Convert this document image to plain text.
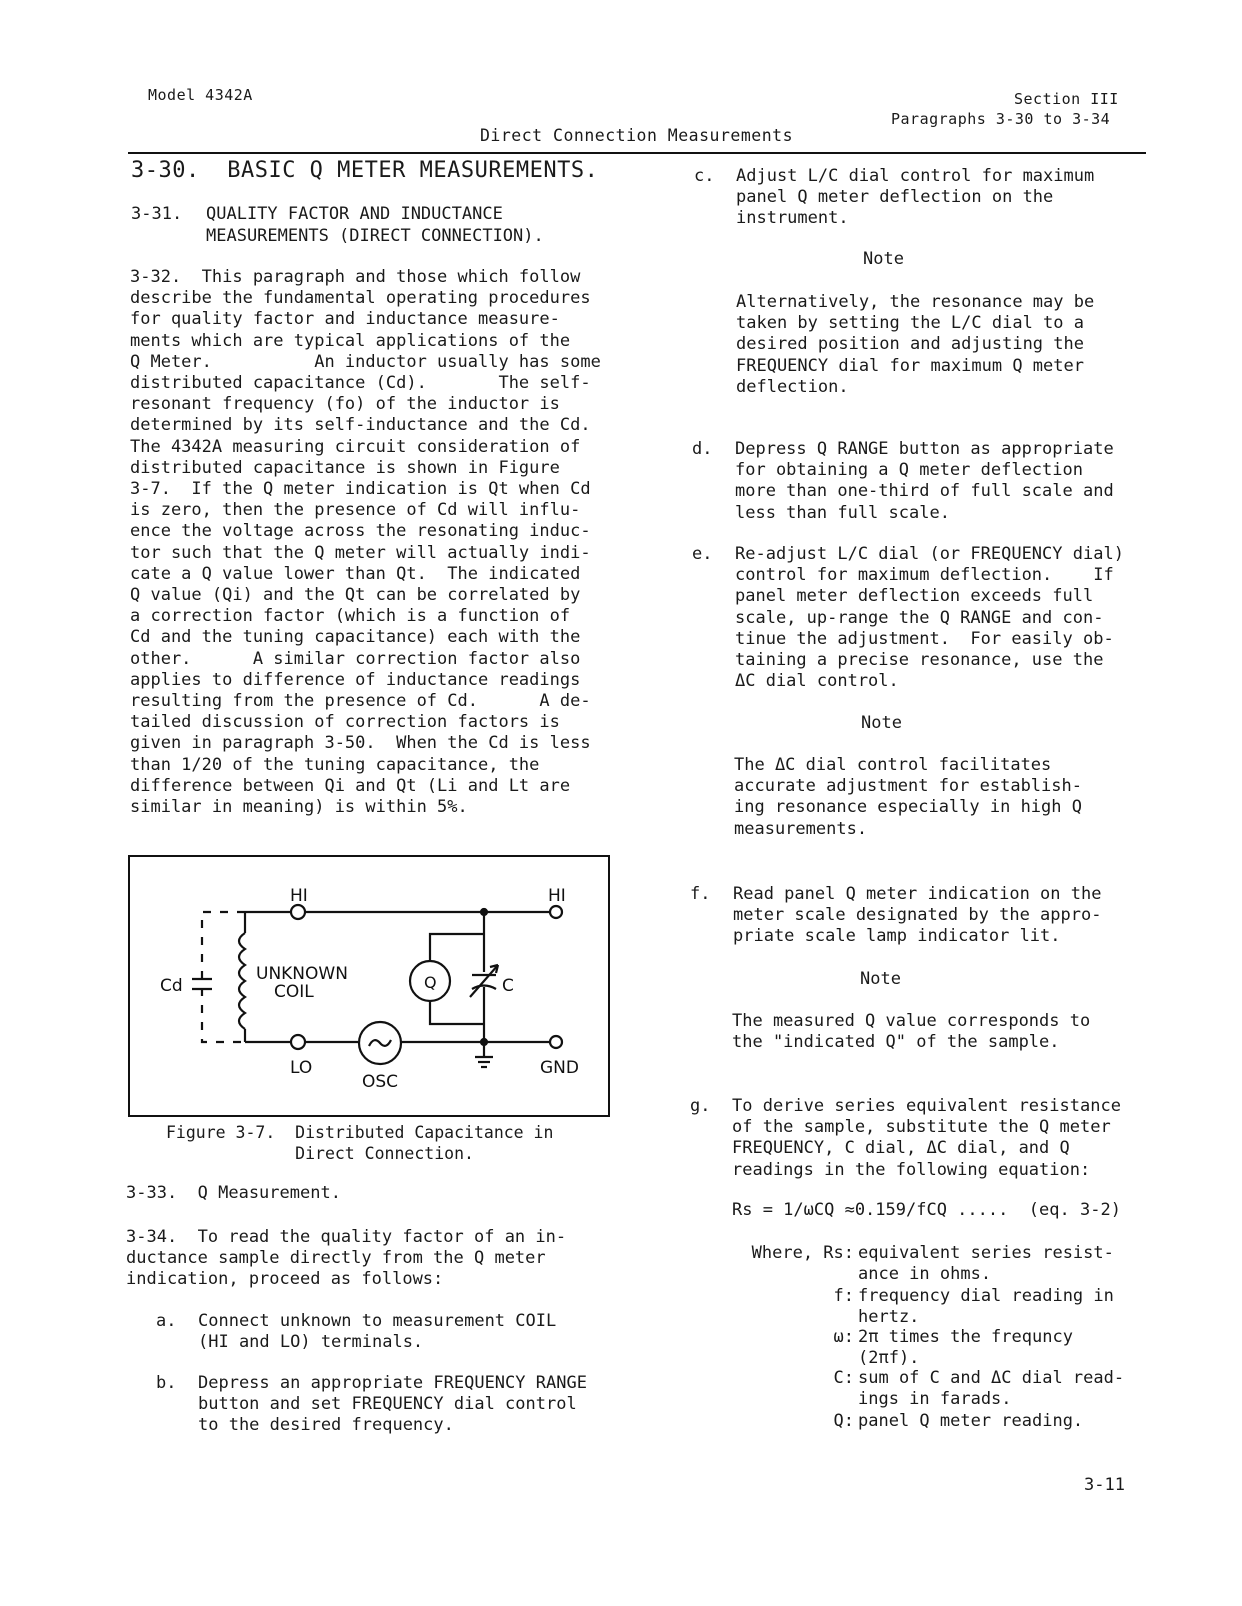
Model 4342A	Section III
Paragraphs 3-30 to 3-34
Direct Connection Measurements
3-30.  BASIC Q METER MEASUREMENTS.
3-31. QUALITY FACTOR AND INDUCTANCE
MEASUREMENTS (DIRECT CONNECTION).
3-32.  This paragraph and those which follow
describe the fundamental operating procedures
for quality factor and inductance measure-
ments which are typical applications of the
Q Meter.          An inductor usually has some
distributed capacitance (Cd).       The self-
resonant frequency (fo) of the inductor is
determined by its self-inductance and the Cd.
The 4342A measuring circuit consideration of
distributed capacitance is shown in Figure
3-7.  If the Q meter indication is Qt when Cd
is zero, then the presence of Cd will influ-
ence the voltage across the resonating induc-
tor such that the Q meter will actually indi-
cate a Q value lower than Qt.  The indicated
Q value (Qi) and the Qt can be correlated by
a correction factor (which is a function of
Cd and the tuning capacitance) each with the
other.      A similar correction factor also
applies to difference of inductance readings
resulting from the presence of Cd.      A de-
tailed discussion of correction factors is
given in paragraph 3-50.  When the Cd is less
than 1/20 of the tuning capacitance, the
difference between Qi and Qt (Li and Lt are
similar in meaning) is within 5%.
HI	HI
Cd
UNKNOWN
COIL	Q	C
LO
OSC
GND
Figure 3-7.  Distributed Capacitance in
Direct Connection.
3-33.  Q Measurement.
3-34.  To read the quality factor of an in-
ductance sample directly from the Q meter
indication, proceed as follows:
a. Connect unknown to measurement COIL
(HI and LO) terminals.
b. Depress an appropriate FREQUENCY RANGE
button and set FREQUENCY dial control
to the desired frequency.
c. Adjust L/C dial control for maximum
panel Q meter deflection on the
instrument.
Note
Alternatively, the resonance may be
taken by setting the L/C dial to a
desired position and adjusting the
FREQUENCY dial for maximum Q meter
deflection.
d. Depress Q RANGE button as appropriate
for obtaining a Q meter deflection
more than one-third of full scale and
less than full scale.
e. Re-adjust L/C dial (or FREQUENCY dial)
control for maximum deflection.    If
panel meter deflection exceeds full
scale, up-range the Q RANGE and con-
tinue the adjustment.  For easily ob-
taining a precise resonance, use the
ΔC dial control.
Note
The ΔC dial control facilitates
accurate adjustment for establish-
ing resonance especially in high Q
measurements.
f. Read panel Q meter indication on the
meter scale designated by the appro-
priate scale lamp indicator lit.
Note
The measured Q value corresponds to
the "indicated Q" of the sample.
g. To derive series equivalent resistance
of the sample, substitute the Q meter
FREQUENCY, C dial, ΔC dial, and Q
readings in the following equation:
Rs = 1/ωCQ ≈0.159/fCQ .....  (eq. 3-2)
Where, Rs: equivalent series resist-
ance in ohms.
f: frequency dial reading in
hertz.
ω: 2π times the frequncy
(2πf).
C: sum of C and ΔC dial read-
ings in farads.
Q: panel Q meter reading.
3-11
